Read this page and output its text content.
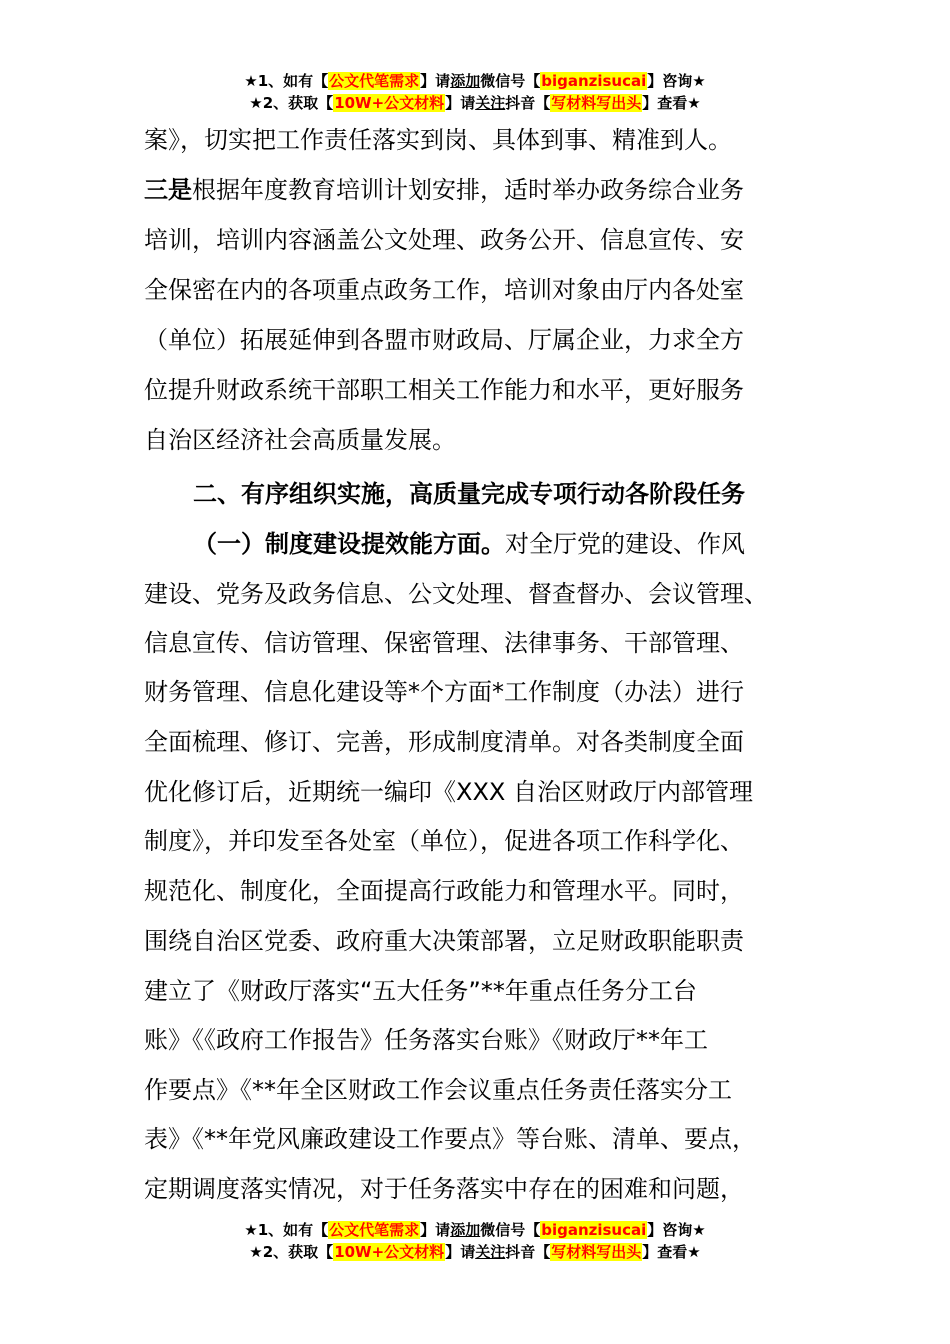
★1、如有【公文代笔需求】请添加微信号【biganzisucai】咨询★
★2、获取【10W+公文材料】请关注抖音【写材料写出头】查看★
案》，切实把工作责任落实到岗、具体到事、精准到人。
三是根据年度教育培训计划安排，适时举办政务综合业务
培训，培训内容涵盖公文处理、政务公开、信息宣传、安
全保密在内的各项重点政务工作，培训对象由厅内各处室
（单位）拓展延伸到各盟市财政局、厅属企业，力求全方
位提升财政系统干部职工相关工作能力和水平，更好服务
自治区经济社会高质量发展。
二、有序组织实施，高质量完成专项行动各阶段任务
（一）制度建设提效能方面。对全厅党的建设、作风
建设、党务及政务信息、公文处理、督查督办、会议管理、
信息宣传、信访管理、保密管理、法律事务、干部管理、
财务管理、信息化建设等*个方面*工作制度（办法）进行
全面梳理、修订、完善，形成制度清单。对各类制度全面
优化修订后，近期统一编印《XXX 自治区财政厅内部管理
制度》，并印发至各处室（单位），促进各项工作科学化、
规范化、制度化，全面提高行政能力和管理水平。同时，
围绕自治区党委、政府重大决策部署，立足财政职能职责
建立了《财政厅落实“五大任务”**年重点任务分工台
账》《《政府工作报告》任务落实台账》《财政厅**年工
作要点》《**年全区财政工作会议重点任务责任落实分工
表》《**年党风廉政建设工作要点》等台账、清单、要点，
定期调度落实情况，对于任务落实中存在的困难和问题，
★1、如有【公文代笔需求】请添加微信号【biganzisucai】咨询★
★2、获取【10W+公文材料】请关注抖音【写材料写出头】查看★
